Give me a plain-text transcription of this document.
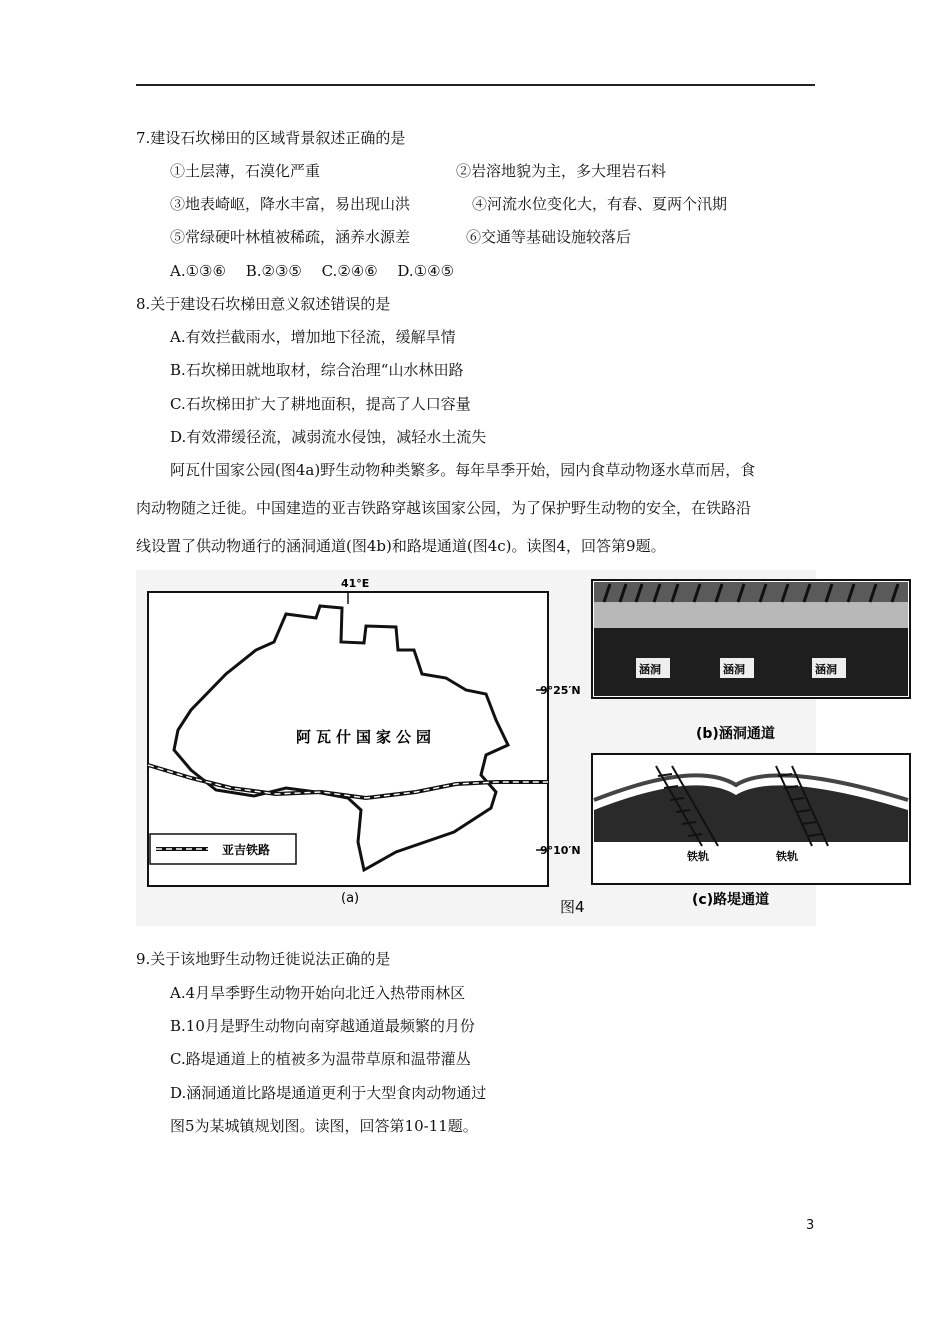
7.建设石坎梯田的区域背景叙述正确的是
①土层薄，石漠化严重	②岩溶地貌为主，多大理岩石料
③地表崎岖，降水丰富，易出现山洪	④河流水位变化大，有春、夏两个汛期
⑤常绿硬叶林植被稀疏，涵养水源差	⑥交通等基础设施较落后
A.①③⑥　 B.②③⑤　 C.②④⑥　 D.①④⑤
8.关于建设石坎梯田意义叙述错误的是
A.有效拦截雨水，增加地下径流，缓解旱情
B.石坎梯田就地取材，综合治理“山水林田路
C.石坎梯田扩大了耕地面积，提高了人口容量
D.有效滞缓径流，减弱流水侵蚀，减轻水土流失
阿瓦什国家公园(图4a)野生动物种类繁多。每年旱季开始，园内食草动物逐水草而居，食
肉动物随之迁徙。中国建造的亚吉铁路穿越该国家公园，为了保护野生动物的安全，在铁路沿
线设置了供动物通行的涵洞通道(图4b)和路堤通道(图4c)。读图4，回答第9题。
41°E
9°25′N
9°10′N
阿瓦什国家公园
亚吉铁路
(a)	图4
涵洞	涵洞	涵洞
(b)涵洞通道
铁轨	铁轨
(c)路堤通道
9.关于该地野生动物迁徙说法正确的是
A.4月旱季野生动物开始向北迁入热带雨林区
B.10月是野生动物向南穿越通道最频繁的月份
C.路堤通道上的植被多为温带草原和温带灌丛
D.涵洞通道比路堤通道更利于大型食肉动物通过
图5为某城镇规划图。读图，回答第10-11题。
3
